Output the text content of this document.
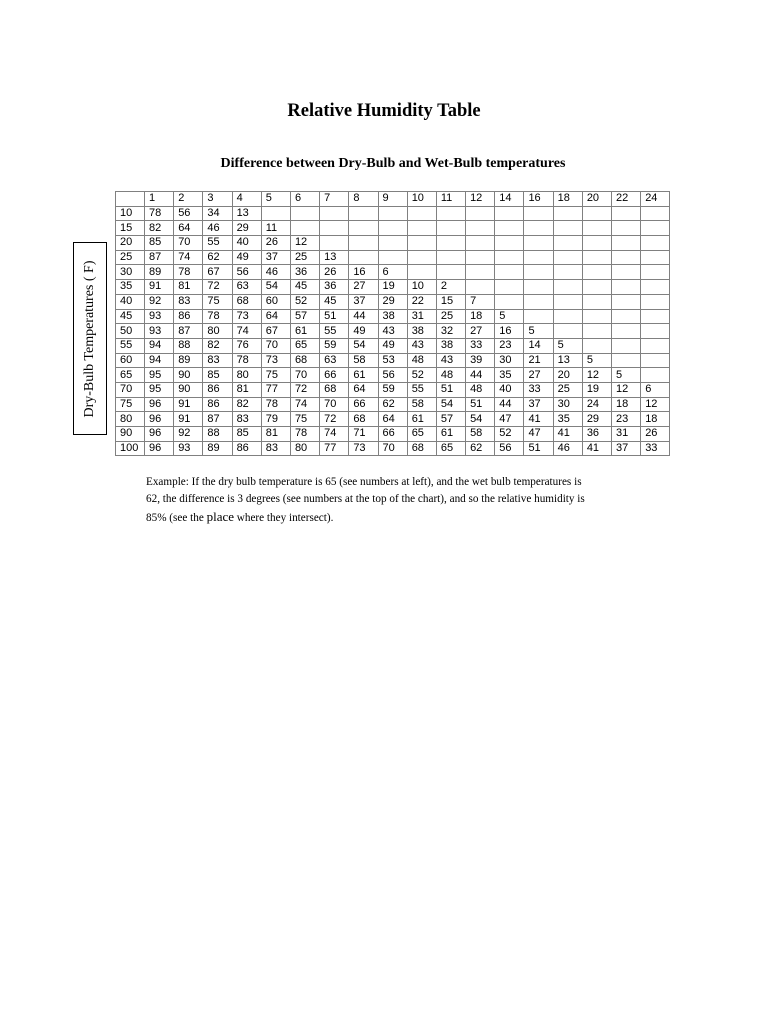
Relative Humidity Table
Difference between Dry-Bulb and Wet-Bulb temperatures
Dry-Bulb Temperatures ( F)
	1	2	3	4	5	6	7	8	9	10	11	12	14	16	18	20	22	24
10	78	56	34	13														
15	82	64	46	29	11													
20	85	70	55	40	26	12												
25	87	74	62	49	37	25	13											
30	89	78	67	56	46	36	26	16	6									
35	91	81	72	63	54	45	36	27	19	10	2							
40	92	83	75	68	60	52	45	37	29	22	15	7						
45	93	86	78	73	64	57	51	44	38	31	25	18	5					
50	93	87	80	74	67	61	55	49	43	38	32	27	16	5				
55	94	88	82	76	70	65	59	54	49	43	38	33	23	14	5			
60	94	89	83	78	73	68	63	58	53	48	43	39	30	21	13	5		
65	95	90	85	80	75	70	66	61	56	52	48	44	35	27	20	12	5	
70	95	90	86	81	77	72	68	64	59	55	51	48	40	33	25	19	12	6
75	96	91	86	82	78	74	70	66	62	58	54	51	44	37	30	24	18	12
80	96	91	87	83	79	75	72	68	64	61	57	54	47	41	35	29	23	18
90	96	92	88	85	81	78	74	71	66	65	61	58	52	47	41	36	31	26
100	96	93	89	86	83	80	77	73	70	68	65	62	56	51	46	41	37	33
Example: If the dry bulb temperature is 65 (see numbers at left), and the wet bulb temperatures is
62, the difference is 3 degrees (see numbers at the top of the chart), and so the relative humidity is
85% (see the place where they intersect).
